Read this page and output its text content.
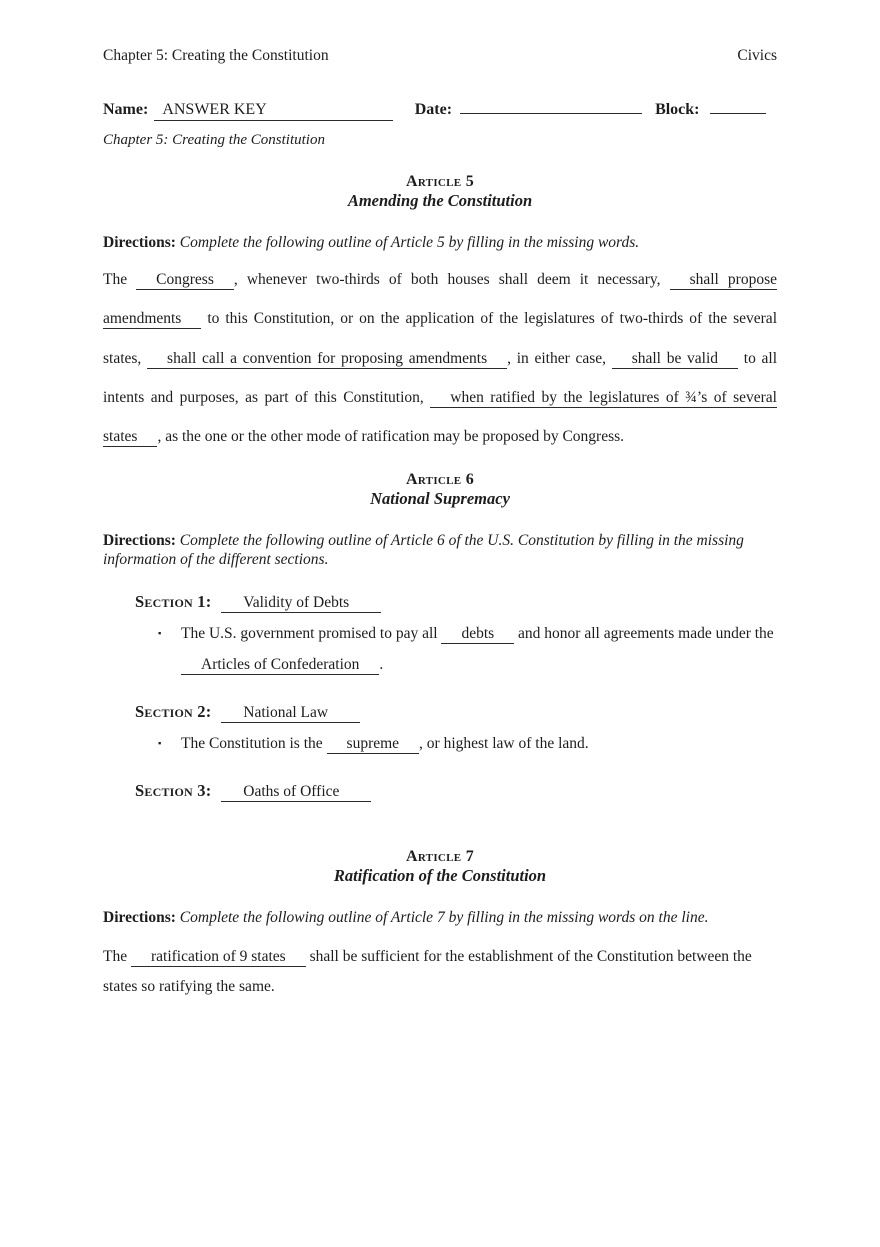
Chapter 5: Creating the Constitution	Civics
Name: ANSWER KEY	Date:	Block:
Chapter 5: Creating the Constitution
Article 5
Amending the Constitution
Directions: Complete the following outline of Article 5 by filling in the missing words.
The Congress , whenever two-thirds of both houses shall deem it necessary, shall propose amendments to this Constitution, or on the application of the legislatures of two-thirds of the several states, shall call a convention for proposing amendments , in either case, shall be valid to all intents and purposes, as part of this Constitution, when ratified by the legislatures of ¾’s of several states , as the one or the other mode of ratification may be proposed by Congress.
Article 6
National Supremacy
Directions: Complete the following outline of Article 6 of the U.S. Constitution by filling in the missing information of the different sections.
Section 1: Validity of Debts
▪	The U.S. government promised to pay all debts and honor all agreements made under the Articles of Confederation .
Section 2: National Law
▪	The Constitution is the supreme , or highest law of the land.
Section 3: Oaths of Office
Article 7
Ratification of the Constitution
Directions: Complete the following outline of Article 7 by filling in the missing words on the line.
The ratification of 9 states shall be sufficient for the establishment of the Constitution between the states so ratifying the same.
